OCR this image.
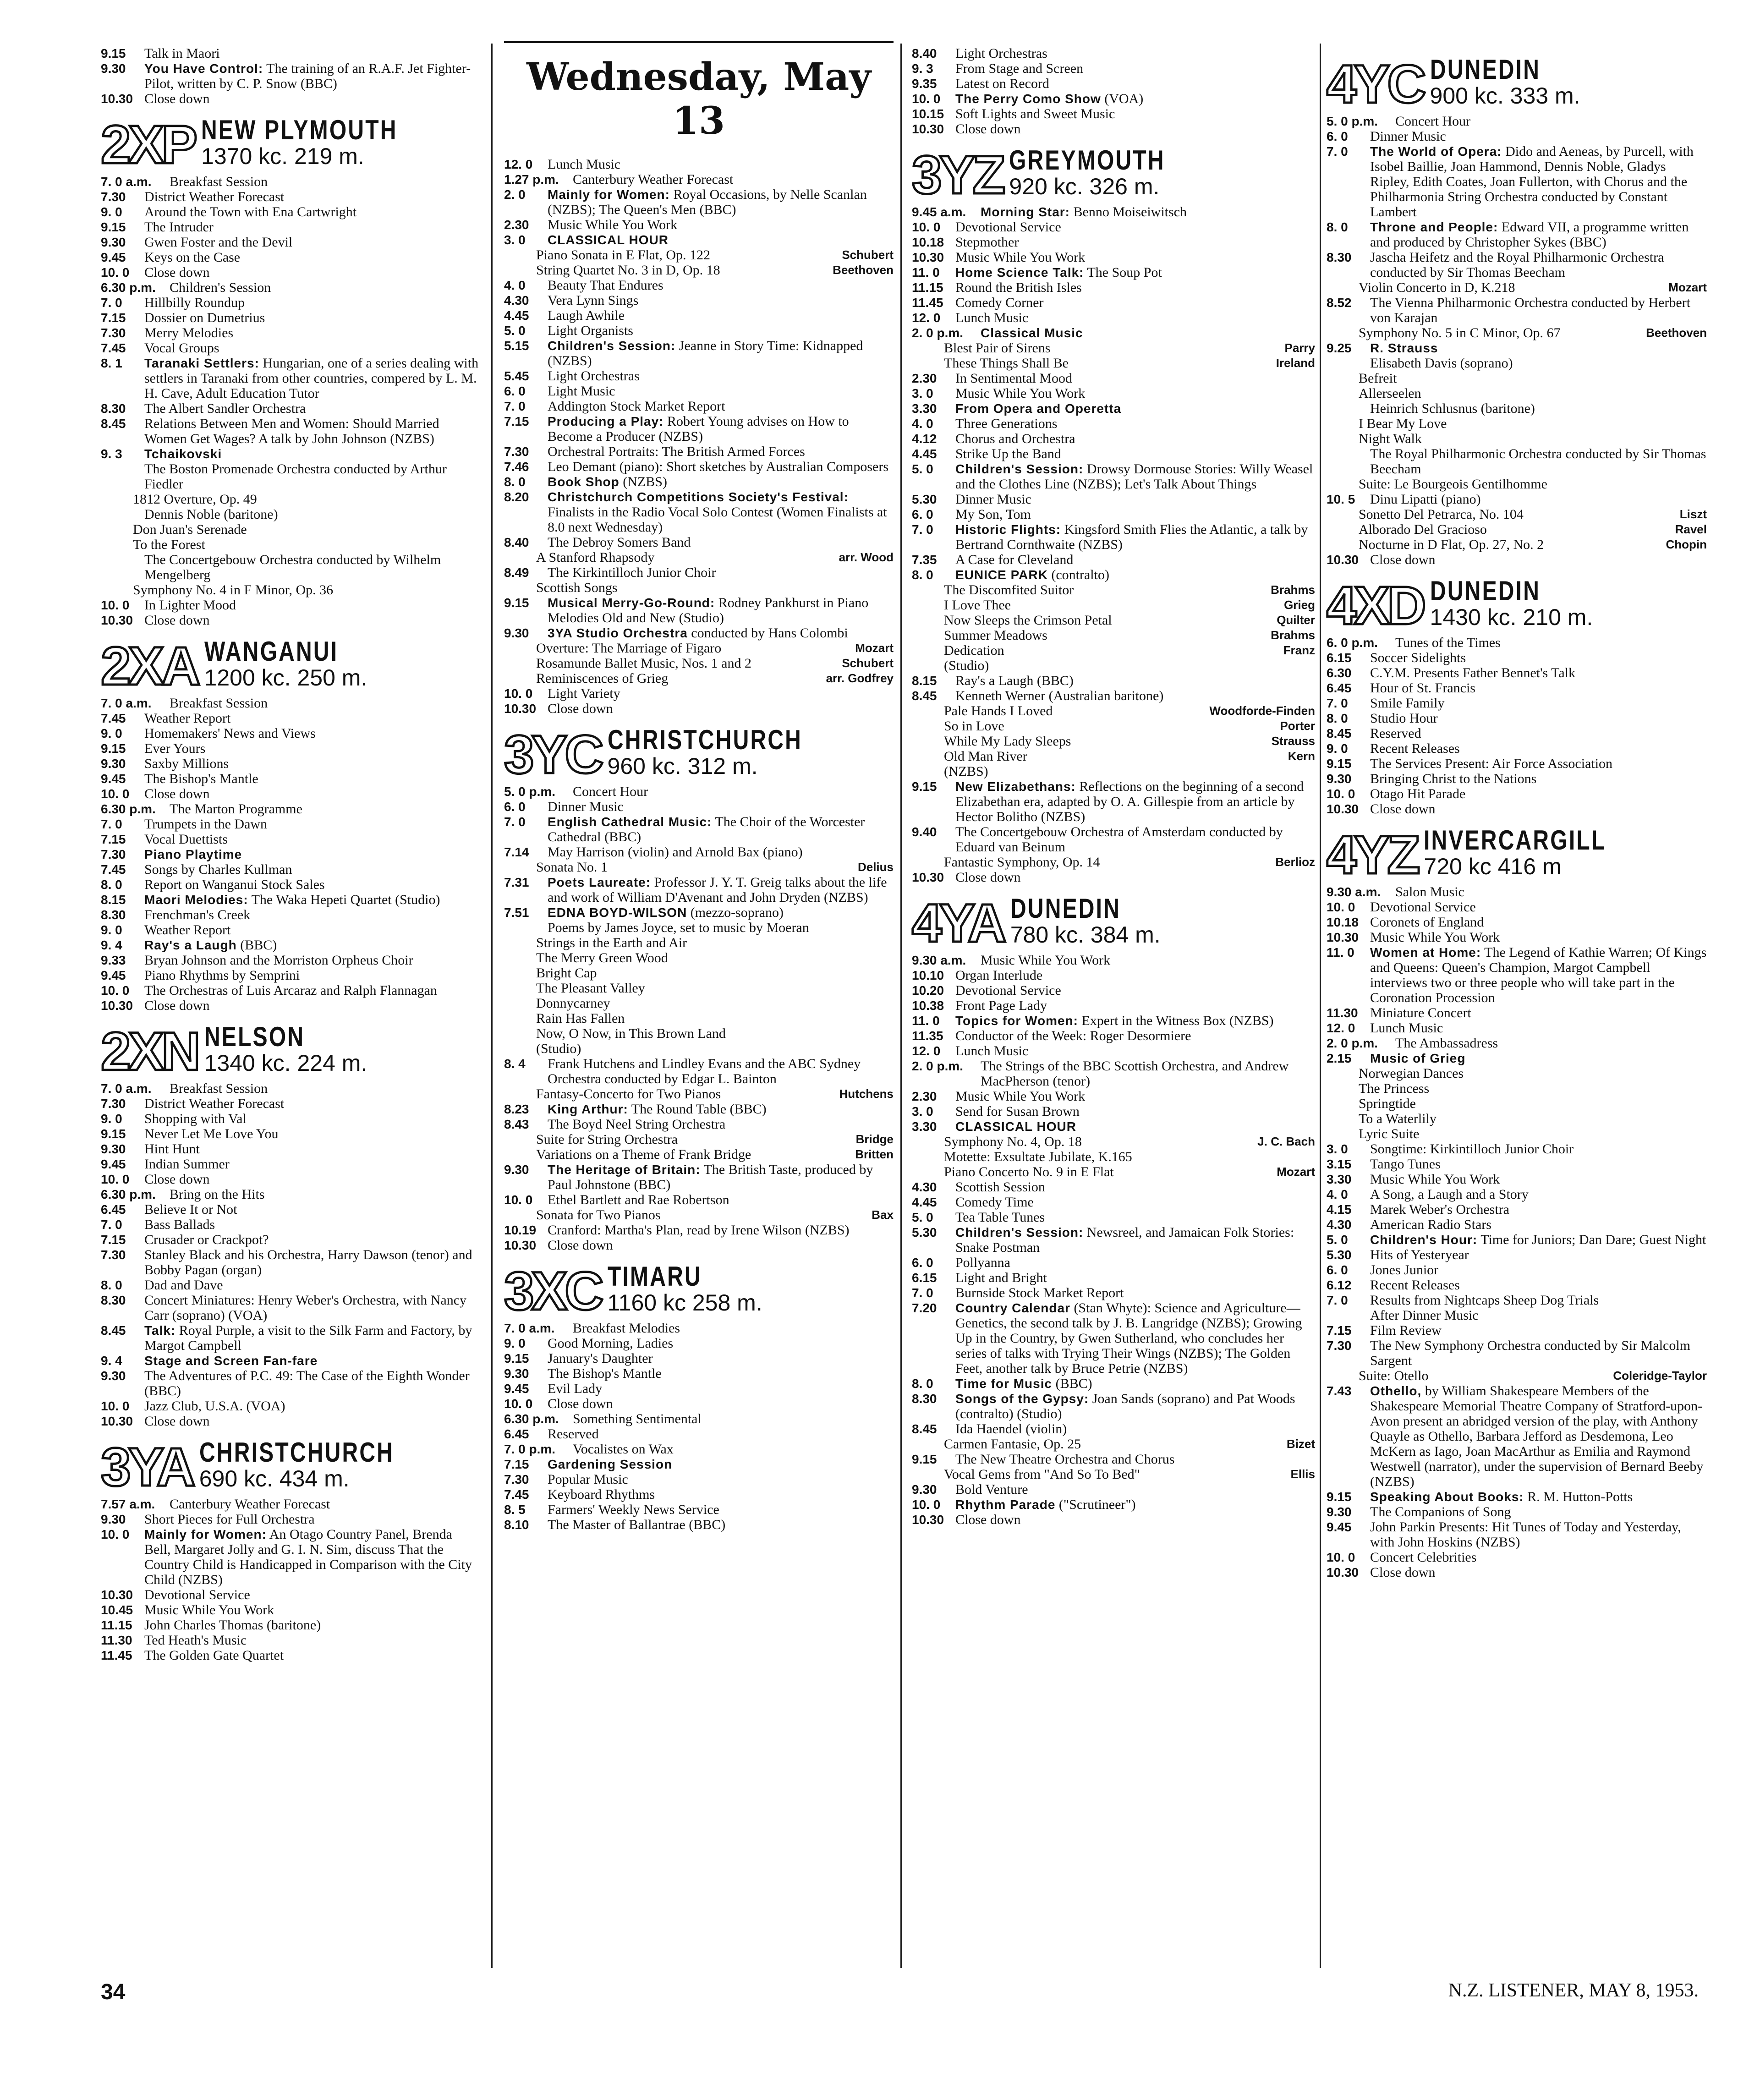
9.15	Talk in Maori
9.30	You Have Control: The training of an R.A.F. Jet Fighter-Pilot, written by C. P. Snow (BBC)
10.30 Close down
2XP NEW PLYMOUTH
1370 kc. 219 m.
7. 0 a.m.	Breakfast Session
7.30	District Weather Forecast
9. 0	Around the Town with Ena Cartwright
9.15	The Intruder
9.30	Gwen Foster and the Devil
9.45	Keys on the Case
10. 0	Close down
6.30 p.m.	Children's Session
7. 0	Hillbilly Roundup
7.15	Dossier on Dumetrius
7.30	Merry Melodies
7.45	Vocal Groups
8. 1	Taranaki Settlers: Hungarian, one of a series dealing with settlers in Taranaki from other countries, compered by L. M. H. Cave, Adult Education Tutor
8.30	The Albert Sandler Orchestra
8.45	Relations Between Men and Women: Should Married Women Get Wages? A talk by John Johnson (NZBS)
9. 3	Tchaikovski
The Boston Promenade Orchestra conducted by Arthur Fiedler
1812 Overture, Op. 49
Dennis Noble (baritone)
Don Juan's Serenade
To the Forest
The Concertgebouw Orchestra conducted by Wilhelm Mengelberg
Symphony No. 4 in F Minor, Op. 36
10. 0	In Lighter Mood
10.30 Close down
2XA WANGANUI
1200 kc. 250 m.
7. 0 a.m.	Breakfast Session
7.45	Weather Report
9. 0	Homemakers' News and Views
9.15	Ever Yours
9.30	Saxby Millions
9.45	The Bishop's Mantle
10. 0	Close down
6.30 p.m.	The Marton Programme
7. 0	Trumpets in the Dawn
7.15	Vocal Duettists
7.30	Piano Playtime
7.45	Songs by Charles Kullman
8. 0	Report on Wanganui Stock Sales
8.15	Maori Melodies: The Waka Hepeti Quartet (Studio)
8.30	Frenchman's Creek
9. 0	Weather Report
9. 4	Ray's a Laugh (BBC)
9.33	Bryan Johnson and the Morriston Orpheus Choir
9.45	Piano Rhythms by Semprini
10. 0	The Orchestras of Luis Arcaraz and Ralph Flannagan
10.30 Close down
2XN NELSON
1340 kc. 224 m.
7. 0 a.m.	Breakfast Session
7.30	District Weather Forecast
9. 0	Shopping with Val
9.15	Never Let Me Love You
9.30	Hint Hunt
9.45	Indian Summer
10. 0	Close down
6.30 p.m.	Bring on the Hits
6.45	Believe It or Not
7. 0	Bass Ballads
7.15	Crusader or Crackpot?
7.30	Stanley Black and his Orchestra, Harry Dawson (tenor) and Bobby Pagan (organ)
8. 0	Dad and Dave
8.30	Concert Miniatures: Henry Weber's Orchestra, with Nancy Carr (soprano) (VOA)
8.45	Talk: Royal Purple, a visit to the Silk Farm and Factory, by Margot Campbell
9. 4	Stage and Screen Fan-fare
9.30	The Adventures of P.C. 49: The Case of the Eighth Wonder (BBC)
10. 0	Jazz Club, U.S.A. (VOA)
10.30 Close down
3YA CHRISTCHURCH
690 kc. 434 m.
7.57 a.m.	Canterbury Weather Forecast
9.30	Short Pieces for Full Orchestra
10. 0	Mainly for Women: An Otago Country Panel, Brenda Bell, Margaret Jolly and G. I. N. Sim, discuss That the Country Child is Handicapped in Comparison with the City Child (NZBS)
10.30 Devotional Service
10.45 Music While You Work
11.15 John Charles Thomas (baritone)
11.30 Ted Heath's Music
11.45 The Golden Gate Quartet
Wednesday, May 13
12. 0	Lunch Music
1.27 p.m.	Canterbury Weather Forecast
2. 0	Mainly for Women: Royal Occasions, by Nelle Scanlan (NZBS); The Queen's Men (BBC)
2.30	Music While You Work
3. 0	CLASSICAL HOUR
Piano Sonata in E Flat, Op. 122	Schubert
String Quartet No. 3 in D, Op. 18	Beethoven
4. 0	Beauty That Endures
4.30	Vera Lynn Sings
4.45	Laugh Awhile
5. 0	Light Organists
5.15	Children's Session: Jeanne in Story Time: Kidnapped (NZBS)
5.45	Light Orchestras
6. 0	Light Music
7. 0	Addington Stock Market Report
7.15	Producing a Play: Robert Young advises on How to Become a Producer (NZBS)
7.30	Orchestral Portraits: The British Armed Forces
7.46	Leo Demant (piano): Short sketches by Australian Composers
8. 0	Book Shop (NZBS)
8.20	Christchurch Competitions Society's Festival: Finalists in the Radio Vocal Solo Contest (Women Finalists at 8.0 next Wednesday)
8.40	The Debroy Somers Band
A Stanford Rhapsody	arr. Wood
8.49	The Kirkintilloch Junior Choir
Scottish Songs
9.15	Musical Merry-Go-Round: Rodney Pankhurst in Piano Melodies Old and New (Studio)
9.30	3YA Studio Orchestra conducted by Hans Colombi
Overture: The Marriage of Figaro	Mozart
Rosamunde Ballet Music, Nos. 1 and 2	Schubert
Reminiscences of Grieg	arr. Godfrey
10. 0	Light Variety
10.30 Close down
3YC CHRISTCHURCH
960 kc. 312 m.
5. 0 p.m.	Concert Hour
6. 0	Dinner Music
7. 0	English Cathedral Music: The Choir of the Worcester Cathedral (BBC)
7.14	May Harrison (violin) and Arnold Bax (piano)
Sonata No. 1	Delius
7.31	Poets Laureate: Professor J. Y. T. Greig talks about the life and work of William D'Avenant and John Dryden (NZBS)
7.51	EDNA BOYD-WILSON (mezzo-soprano)
Poems by James Joyce, set to music by Moeran
Strings in the Earth and Air
The Merry Green Wood
Bright Cap
The Pleasant Valley
Donnycarney
Rain Has Fallen
Now, O Now, in This Brown Land
(Studio)
8. 4	Frank Hutchens and Lindley Evans and the ABC Sydney Orchestra conducted by Edgar L. Bainton
Fantasy-Concerto for Two Pianos	Hutchens
8.23	King Arthur: The Round Table (BBC)
8.43	The Boyd Neel String Orchestra
Suite for String Orchestra	Bridge
Variations on a Theme of Frank Bridge	Britten
9.30	The Heritage of Britain: The British Taste, produced by Paul Johnstone (BBC)
10. 0	Ethel Bartlett and Rae Robertson
Sonata for Two Pianos	Bax
10.19 Cranford: Martha's Plan, read by Irene Wilson (NZBS)
10.30 Close down
3XC TIMARU
1160 kc 258 m.
7. 0 a.m.	Breakfast Melodies
9. 0	Good Morning, Ladies
9.15	January's Daughter
9.30	The Bishop's Mantle
9.45	Evil Lady
10. 0	Close down
6.30 p.m.	Something Sentimental
6.45	Reserved
7. 0 p.m.	Vocalistes on Wax
7.15	Gardening Session
7.30	Popular Music
7.45	Keyboard Rhythms
8. 5	Farmers' Weekly News Service
8.10	The Master of Ballantrae (BBC)
8.40	Light Orchestras
9. 3	From Stage and Screen
9.35	Latest on Record
10. 0	The Perry Como Show (VOA)
10.15 Soft Lights and Sweet Music
10.30 Close down
3YZ GREYMOUTH
920 kc. 326 m.
9.45 a.m.	Morning Star: Benno Moiseiwitsch
10. 0	Devotional Service
10.18 Stepmother
10.30 Music While You Work
11. 0	Home Science Talk: The Soup Pot
11.15 Round the British Isles
11.45 Comedy Corner
12. 0	Lunch Music
2. 0 p.m.	Classical Music
Blest Pair of Sirens	Parry
These Things Shall Be	Ireland
2.30	In Sentimental Mood
3. 0	Music While You Work
3.30	From Opera and Operetta
4. 0	Three Generations
4.12	Chorus and Orchestra
4.45	Strike Up the Band
5. 0	Children's Session: Drowsy Dormouse Stories: Willy Weasel and the Clothes Line (NZBS); Let's Talk About Things
5.30	Dinner Music
6. 0	My Son, Tom
7. 0	Historic Flights: Kingsford Smith Flies the Atlantic, a talk by Bertrand Cornthwaite (NZBS)
7.35	A Case for Cleveland
8. 0	EUNICE PARK (contralto)
The Discomfited Suitor	Brahms
I Love Thee	Grieg
Now Sleeps the Crimson Petal	Quilter
Summer Meadows	Brahms
Dedication	Franz
(Studio)
8.15	Ray's a Laugh (BBC)
8.45	Kenneth Werner (Australian baritone)
Pale Hands I Loved	Woodforde-Finden
So in Love	Porter
While My Lady Sleeps	Strauss
Old Man River	Kern
(NZBS)
9.15	New Elizabethans: Reflections on the beginning of a second Elizabethan era, adapted by O. A. Gillespie from an article by Hector Bolitho (NZBS)
9.40	The Concertgebouw Orchestra of Amsterdam conducted by Eduard van Beinum
Fantastic Symphony, Op. 14	Berlioz
10.30 Close down
4YA DUNEDIN
780 kc. 384 m.
9.30 a.m.	Music While You Work
10.10 Organ Interlude
10.20 Devotional Service
10.38 Front Page Lady
11. 0	Topics for Women: Expert in the Witness Box (NZBS)
11.35 Conductor of the Week: Roger Desormiere
12. 0	Lunch Music
2. 0 p.m.	The Strings of the BBC Scottish Orchestra, and Andrew MacPherson (tenor)
2.30	Music While You Work
3. 0	Send for Susan Brown
3.30	CLASSICAL HOUR
Symphony No. 4, Op. 18	J. C. Bach
Motette: Exsultate Jubilate, K.165
Piano Concerto No. 9 in E Flat	Mozart
4.30	Scottish Session
4.45	Comedy Time
5. 0	Tea Table Tunes
5.30	Children's Session: Newsreel, and Jamaican Folk Stories: Snake Postman
6. 0	Pollyanna
6.15	Light and Bright
7. 0	Burnside Stock Market Report
7.20	Country Calendar (Stan Whyte): Science and Agriculture—Genetics, the second talk by J. B. Langridge (NZBS); Growing Up in the Country, by Gwen Sutherland, who concludes her series of talks with Trying Their Wings (NZBS); The Golden Feet, another talk by Bruce Petrie (NZBS)
8. 0	Time for Music (BBC)
8.30	Songs of the Gypsy: Joan Sands (soprano) and Pat Woods (contralto) (Studio)
8.45	Ida Haendel (violin)
Carmen Fantasie, Op. 25	Bizet
9.15	The New Theatre Orchestra and Chorus
Vocal Gems from "And So To Bed"	Ellis
9.30	Bold Venture
10. 0	Rhythm Parade ("Scrutineer")
10.30 Close down
4YC DUNEDIN
900 kc. 333 m.
5. 0 p.m.	Concert Hour
6. 0	Dinner Music
7. 0	The World of Opera: Dido and Aeneas, by Purcell, with Isobel Baillie, Joan Hammond, Dennis Noble, Gladys Ripley, Edith Coates, Joan Fullerton, with Chorus and the Philharmonia String Orchestra conducted by Constant Lambert
8. 0	Throne and People: Edward VII, a programme written and produced by Christopher Sykes (BBC)
8.30	Jascha Heifetz and the Royal Philharmonic Orchestra conducted by Sir Thomas Beecham
Violin Concerto in D, K.218	Mozart
8.52	The Vienna Philharmonic Orchestra conducted by Herbert von Karajan
Symphony No. 5 in C Minor, Op. 67	Beethoven
9.25	R. Strauss
Elisabeth Davis (soprano)
Befreit
Allerseelen
Heinrich Schlusnus (baritone)
I Bear My Love
Night Walk
The Royal Philharmonic Orchestra conducted by Sir Thomas Beecham
Suite: Le Bourgeois Gentilhomme
10. 5	Dinu Lipatti (piano)
Sonetto Del Petrarca, No. 104	Liszt
Alborado Del Gracioso	Ravel
Nocturne in D Flat, Op. 27, No. 2	Chopin
10.30 Close down
4XD DUNEDIN
1430 kc. 210 m.
6. 0 p.m.	Tunes of the Times
6.15	Soccer Sidelights
6.30	C.Y.M. Presents Father Bennet's Talk
6.45	Hour of St. Francis
7. 0	Smile Family
8. 0	Studio Hour
8.45	Reserved
9. 0	Recent Releases
9.15	The Services Present: Air Force Association
9.30	Bringing Christ to the Nations
10. 0	Otago Hit Parade
10.30 Close down
4YZ INVERCARGILL
720 kc 416 m
9.30 a.m.	Salon Music
10. 0	Devotional Service
10.18 Coronets of England
10.30 Music While You Work
11. 0	Women at Home: The Legend of Kathie Warren; Of Kings and Queens: Queen's Champion, Margot Campbell interviews two or three people who will take part in the Coronation Procession
11.30 Miniature Concert
12. 0	Lunch Music
2. 0 p.m.	The Ambassadress
2.15	Music of Grieg
Norwegian Dances
The Princess
Springtide
To a Waterlily
Lyric Suite
3. 0	Songtime: Kirkintilloch Junior Choir
3.15	Tango Tunes
3.30	Music While You Work
4. 0	A Song, a Laugh and a Story
4.15	Marek Weber's Orchestra
4.30	American Radio Stars
5. 0	Children's Hour: Time for Juniors; Dan Dare; Guest Night
5.30	Hits of Yesteryear
6. 0	Jones Junior
6.12	Recent Releases
7. 0	Results from Nightcaps Sheep Dog Trials
After Dinner Music
7.15	Film Review
7.30	The New Symphony Orchestra conducted by Sir Malcolm Sargent
Suite: Otello	Coleridge-Taylor
7.43	Othello, by William Shakespeare Members of the Shakespeare Memorial Theatre Company of Stratford-upon-Avon present an abridged version of the play, with Anthony Quayle as Othello, Barbara Jefford as Desdemona, Leo McKern as Iago, Joan MacArthur as Emilia and Raymond Westwell (narrator), under the supervision of Bernard Beeby (NZBS)
9.15	Speaking About Books: R. M. Hutton-Potts
9.30	The Companions of Song
9.45	John Parkin Presents: Hit Tunes of Today and Yesterday, with John Hoskins (NZBS)
10. 0	Concert Celebrities
10.30 Close down
34	N.Z. LISTENER, MAY 8, 1953.
